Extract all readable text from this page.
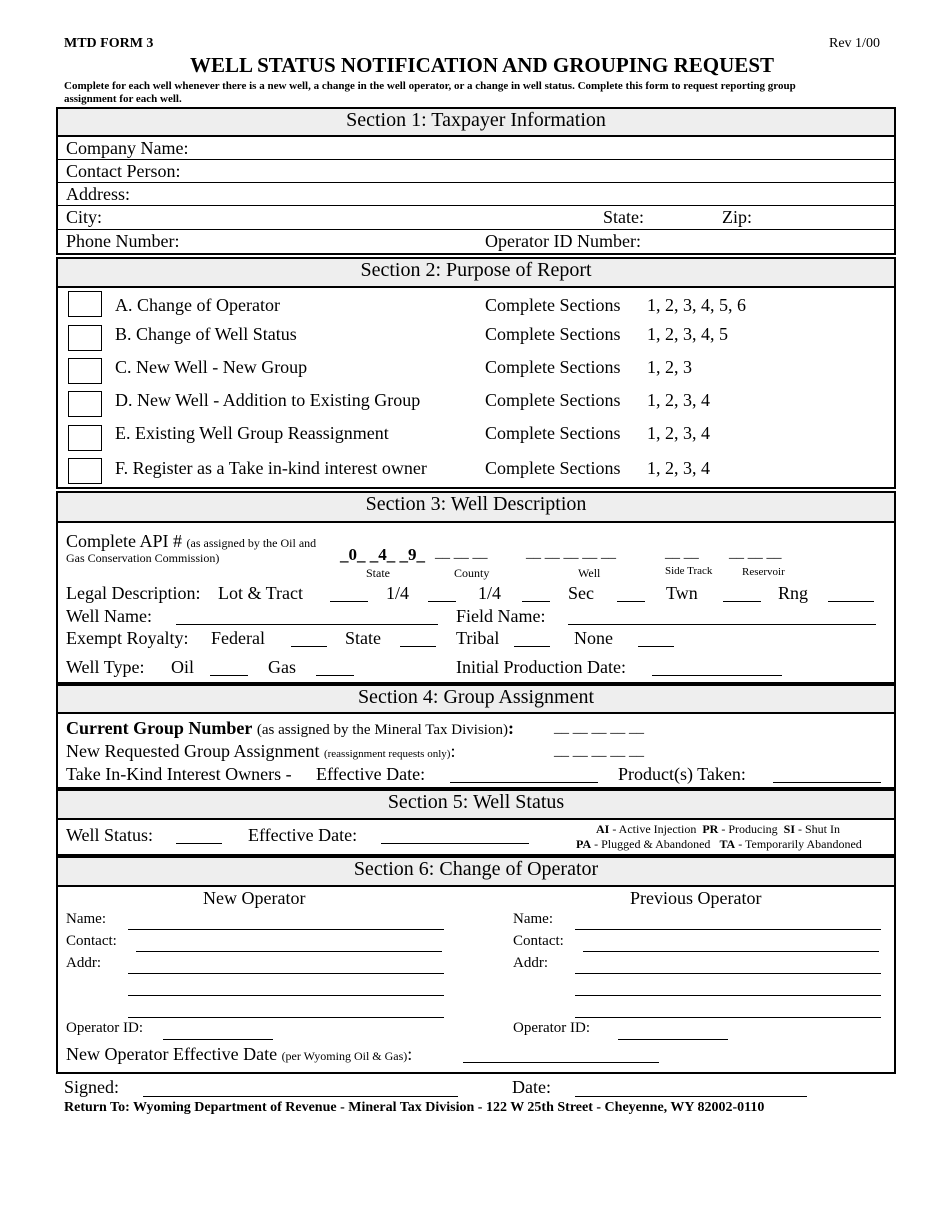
MTD FORM 3	Rev 1/00
WELL STATUS NOTIFICATION AND GROUPING REQUEST
Complete for each well whenever there is a new well, a change in the well operator, or a change in well status. Complete this form to request reporting group
assignment for each well.
Section 1: Taxpayer Information
Company Name:
Contact Person:
Address:
City:	State:	Zip:
Phone Number:	Operator ID Number:
Section 2: Purpose of Report
A. Change of Operator	Complete Sections 1, 2, 3, 4, 5, 6
B. Change of Well Status	Complete Sections 1, 2, 3, 4, 5
C. New Well - New Group	Complete Sections 1, 2, 3
D. New Well - Addition to Existing Group	Complete Sections 1, 2, 3, 4
E. Existing Well Group Reassignment	Complete Sections 1, 2, 3, 4
F. Register as a Take in-kind interest owner	Complete Sections 1, 2, 3, 4
Section 3: Well Description
Complete API # (as assigned by the Oil and
Gas Conservation Commission)	_0_ _4_ _9_ __ __ __	__ __ __ __ __	__ __ __ __ __
State	County	Well	Side Track	Reservoir
Legal Description: Lot & Tract	1/4	1/4	Sec	Twn	Rng
Well Name:	Field Name:
Exempt Royalty: Federal	State	Tribal	None
Well Type: Oil	Gas	Initial Production Date:
Section 4: Group Assignment
Current Group Number (as assigned by the Mineral Tax Division):	__ __ __ __ __
New Requested Group Assignment (reassignment requests only):	__ __ __ __ __
Take In-Kind Interest Owners - Effective Date:	Product(s) Taken:
Section 5: Well Status
Well Status:	Effective Date:	AI - Active Injection PR - Producing SI - Shut In
PA - Plugged & Abandoned TA - Temporarily Abandoned
Section 6: Change of Operator
New Operator	Previous Operator
Name:
Contact:
Addr:
Name:
Contact:
Addr:
Operator ID:	Operator ID:
New Operator Effective Date (per Wyoming Oil & Gas):
Signed:	Date:
Return To: Wyoming Department of Revenue - Mineral Tax Division - 122 W 25th Street - Cheyenne, WY 82002-0110
